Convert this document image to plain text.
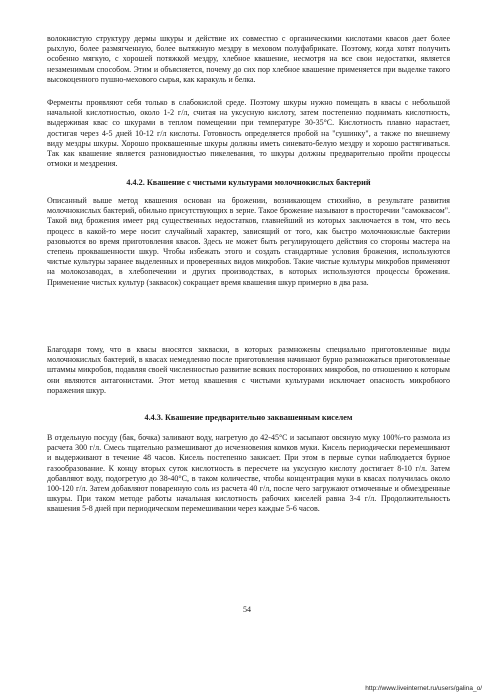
волокнистую структуру дермы шкуры и действие их совместно с органическими кислотами квасов дает более рыхлую, более размягченную, более вытяжную мездру в меховом полуфабрикате. Поэтому, когда хотят получить особенно мягкую, с хорошей потяжкой мездру, хлебное квашение, несмотря на все свои недостатки, является незаменимым способом. Этим и объясняется, почему до сих пор хлебное квашение применяется при выделке такого высокоценного пушно-мехового сырья, как каракуль и белка.

Ферменты проявляют себя только в слабокислой среде. Поэтому шкуры нужно помещать в квасы с небольшой начальной кислотностью, около 1-2 г/л, считая на уксусную кислоту, затем постепенно поднимать кислотность, выдерживая квас со шкурами в теплом помещении при температуре 30-35°С. Кислотность плавно нарастает, достигая через 4-5 дней 10-12 г/л кислоты. Готовность определяется пробой на "сушинку", а также по внешнему виду мездры шкуры. Хорошо проквашенные шкуры должны иметь синевато-белую мездру и хорошо растягиваться. Так как квашение является разновидностью пикелевания, то шкуры должны предварительно пройти процессы отмоки и мездрения.

4.4.2. Квашение с чистыми культурами молочнокислых бактерий

Описанный выше метод квашения основан на брожении, возникающем стихийно, в результате развития молочнокислых бактерий, обильно присутствующих в зерне. Такое брожение называют в просторечии "самоквасом". Такой вид брожения имеет ряд существенных недостатков, главнейший из которых заключается в том, что весь процесс в какой-то мере носит случайный характер, зависящий от того, как быстро молочнокислые бактерии разовьются во время приготовления квасов. Здесь не может быть регулирующего действия со стороны мастера на степень проквашенности шкур. Чтобы избежать этого и создать стандартные условия брожения, используются чистые культуры заранее выделенных и проверенных видов микробов. Такие чистые культуры микробов применяют на молокозаводах, в хлебопечении и других производствах, в которых используются процессы брожения. Применение чистых культур (заквасок) сокращает время квашения шкур примерно в два раза.

Благодаря тому, что в квасы вносятся закваски, в которых размножены специально приготовленные виды молочнокислых бактерий, в квасах немедленно после приготовления начинают бурно размножаться приготовленные штаммы микробов, подавляя своей численностью развитие всяких посторонних микробов, по отношению к которым они являются антагонистами. Этот метод квашения с чистыми культурами исключает опасность микробного поражения шкур.

4.4.3. Квашение предварительно заквашенным киселем

В отдельную посуду (бак, бочка) заливают воду, нагретую до 42-45°С и засыпают овсяную муку 100%-го размола из расчета 300 г/л. Смесь тщательно размешивают до исчезновения комков муки. Кисель периодически перемешивают и выдерживают в течение 48 часов. Кисель постепенно закисает. При этом в первые сутки наблюдается бурное газообразование. К концу вторых суток кислотность в пересчете на уксусную кислоту достигает 8-10 г/л. Затем добавляют воду, подогретую до 38-40°С, в таком количестве, чтобы концентрация муки в квасах получилась около 100-120 г/л. Затем добавляют поваренную соль из расчета 40 г/л, после чего загружают отмоченные и обмездренные шкуры. При таком методе работы начальная кислотность рабочих киселей равна 3-4 г/л. Продолжительность квашения 5-8 дней при периодическом перемешивании через каждые 5-6 часов.

54
http://www.liveinternet.ru/users/galina_o/
